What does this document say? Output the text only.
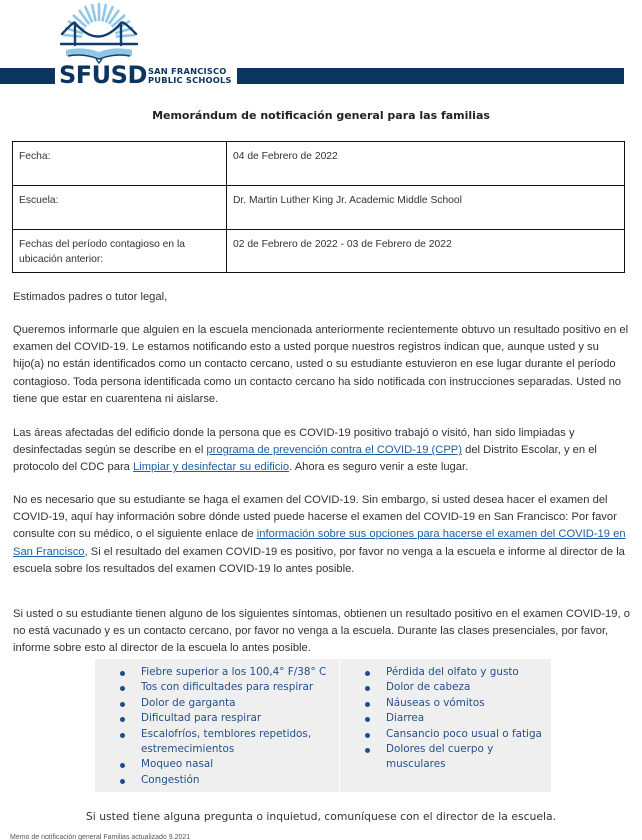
SFUSD SAN FRANCISCO
PUBLIC SCHOOLS
Memorándum de notificación general para las familias
Fecha:	04 de Febrero de 2022
Escuela:	Dr. Martin Luther King Jr. Academic Middle School
Fechas del período contagioso en la ubicación anterior:	02 de Febrero de 2022 - 03 de Febrero de 2022

Estimados padres o tutor legal,

Queremos informarle que alguien en la escuela mencionada anteriormente recientemente obtuvo un resultado positivo en el examen del COVID-19. Le estamos notificando esto a usted porque nuestros registros indican que, aunque usted y su hijo(a) no están identificados como un contacto cercano, usted o su estudiante estuvieron en ese lugar durante el período contagioso. Toda persona identificada como un contacto cercano ha sido notificada con instrucciones separadas. Usted no tiene que estar en cuarentena ni aislarse.

Las áreas afectadas del edificio donde la persona que es COVID-19 positivo trabajó o visitó, han sido limpiadas y desinfectadas según se describe en el programa de prevención contra el COVID-19 (CPP) del Distrito Escolar, y en el protocolo del CDC para Limpiar y desinfectar su edificio. Ahora es seguro venir a este lugar.

No es necesario que su estudiante se haga el examen del COVID-19. Sin embargo, si usted desea hacer el examen del COVID-19, aquí hay información sobre dónde usted puede hacerse el examen del COVID-19 en San Francisco: Por favor consulte con su médico, o el siguiente enlace de información sobre sus opciones para hacerse el examen del COVID-19 en San Francisco, Si el resultado del examen COVID-19 es positivo, por favor no venga a la escuela e informe al director de la escuela sobre los resultados del examen COVID-19 lo antes posible.

Si usted o su estudiante tienen alguno de los siguientes síntomas, obtienen un resultado positivo en el examen COVID-19, o no está vacunado y es un contacto cercano, por favor no venga a la escuela. Durante las clases presenciales, por favor, informe sobre esto al director de la escuela lo antes posible.

Fiebre superior a los 100,4° F/38° C
Tos con dificultades para respirar
Dolor de garganta
Dificultad para respirar
Escalofríos, temblores repetidos, estremecimientos
Moqueo nasal
Congestión
Pérdida del olfato y gusto
Dolor de cabeza
Náuseas o vómitos
Diarrea
Cansancio poco usual o fatiga
Dolores del cuerpo y musculares
Si usted tiene alguna pregunta o inquietud, comuníquese con el director de la escuela.
Memo de notificación general Familias actualizado 9.2021
